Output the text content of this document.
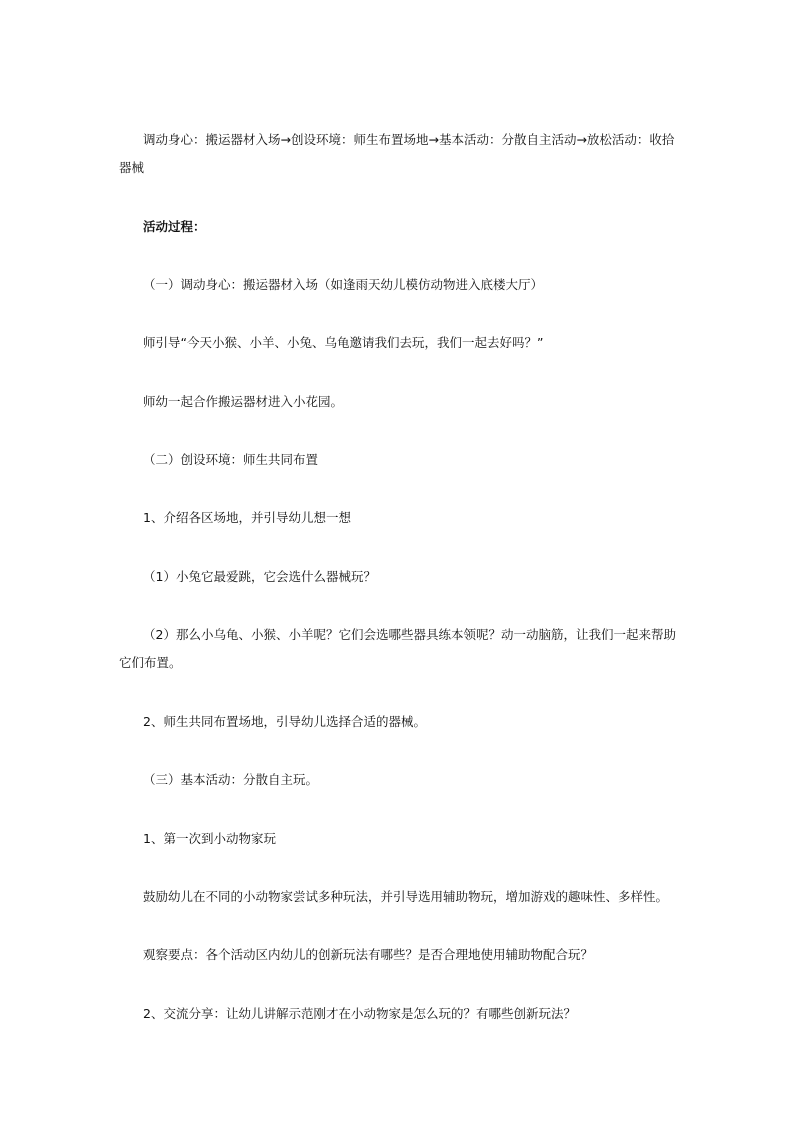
调动身心：搬运器材入场→创设环境：师生布置场地→基本活动：分散自主活动→放松活动：收拾器械

活动过程：

（一）调动身心：搬运器材入场（如逢雨天幼儿模仿动物进入底楼大厅）

师引导“今天小猴、小羊、小兔、乌龟邀请我们去玩，我们一起去好吗？”

师幼一起合作搬运器材进入小花园。

（二）创设环境：师生共同布置

1、介绍各区场地，并引导幼儿想一想

（1）小兔它最爱跳，它会选什么器械玩？

（2）那么小乌龟、小猴、小羊呢？它们会选哪些器具练本领呢？动一动脑筋，让我们一起来帮助它们布置。

2、师生共同布置场地，引导幼儿选择合适的器械。

（三）基本活动：分散自主玩。

1、第一次到小动物家玩

鼓励幼儿在不同的小动物家尝试多种玩法，并引导选用辅助物玩，增加游戏的趣味性、多样性。

观察要点：各个活动区内幼儿的创新玩法有哪些？是否合理地使用辅助物配合玩？

2、交流分享：让幼儿讲解示范刚才在小动物家是怎么玩的？有哪些创新玩法？
